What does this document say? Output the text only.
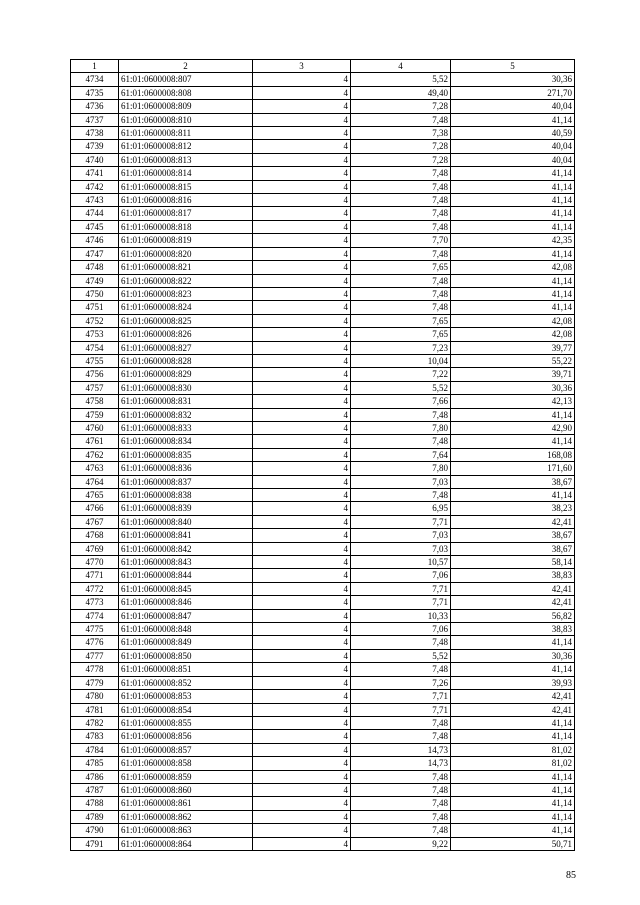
1	2	3	4	5
4734	61:01:0600008:807	4	5,52	30,36
4735	61:01:0600008:808	4	49,40	271,70
4736	61:01:0600008:809	4	7,28	40,04
4737	61:01:0600008:810	4	7,48	41,14
4738	61:01:0600008:811	4	7,38	40,59
4739	61:01:0600008:812	4	7,28	40,04
4740	61:01:0600008:813	4	7,28	40,04
4741	61:01:0600008:814	4	7,48	41,14
4742	61:01:0600008:815	4	7,48	41,14
4743	61:01:0600008:816	4	7,48	41,14
4744	61:01:0600008:817	4	7,48	41,14
4745	61:01:0600008:818	4	7,48	41,14
4746	61:01:0600008:819	4	7,70	42,35
4747	61:01:0600008:820	4	7,48	41,14
4748	61:01:0600008:821	4	7,65	42,08
4749	61:01:0600008:822	4	7,48	41,14
4750	61:01:0600008:823	4	7,48	41,14
4751	61:01:0600008:824	4	7,48	41,14
4752	61:01:0600008:825	4	7,65	42,08
4753	61:01:0600008:826	4	7,65	42,08
4754	61:01:0600008:827	4	7,23	39,77
4755	61:01:0600008:828	4	10,04	55,22
4756	61:01:0600008:829	4	7,22	39,71
4757	61:01:0600008:830	4	5,52	30,36
4758	61:01:0600008:831	4	7,66	42,13
4759	61:01:0600008:832	4	7,48	41,14
4760	61:01:0600008:833	4	7,80	42,90
4761	61:01:0600008:834	4	7,48	41,14
4762	61:01:0600008:835	4	7,64	168,08
4763	61:01:0600008:836	4	7,80	171,60
4764	61:01:0600008:837	4	7,03	38,67
4765	61:01:0600008:838	4	7,48	41,14
4766	61:01:0600008:839	4	6,95	38,23
4767	61:01:0600008:840	4	7,71	42,41
4768	61:01:0600008:841	4	7,03	38,67
4769	61:01:0600008:842	4	7,03	38,67
4770	61:01:0600008:843	4	10,57	58,14
4771	61:01:0600008:844	4	7,06	38,83
4772	61:01:0600008:845	4	7,71	42,41
4773	61:01:0600008:846	4	7,71	42,41
4774	61:01:0600008:847	4	10,33	56,82
4775	61:01:0600008:848	4	7,06	38,83
4776	61:01:0600008:849	4	7,48	41,14
4777	61:01:0600008:850	4	5,52	30,36
4778	61:01:0600008:851	4	7,48	41,14
4779	61:01:0600008:852	4	7,26	39,93
4780	61:01:0600008:853	4	7,71	42,41
4781	61:01:0600008:854	4	7,71	42,41
4782	61:01:0600008:855	4	7,48	41,14
4783	61:01:0600008:856	4	7,48	41,14
4784	61:01:0600008:857	4	14,73	81,02
4785	61:01:0600008:858	4	14,73	81,02
4786	61:01:0600008:859	4	7,48	41,14
4787	61:01:0600008:860	4	7,48	41,14
4788	61:01:0600008:861	4	7,48	41,14
4789	61:01:0600008:862	4	7,48	41,14
4790	61:01:0600008:863	4	7,48	41,14
4791	61:01:0600008:864	4	9,22	50,71
85
